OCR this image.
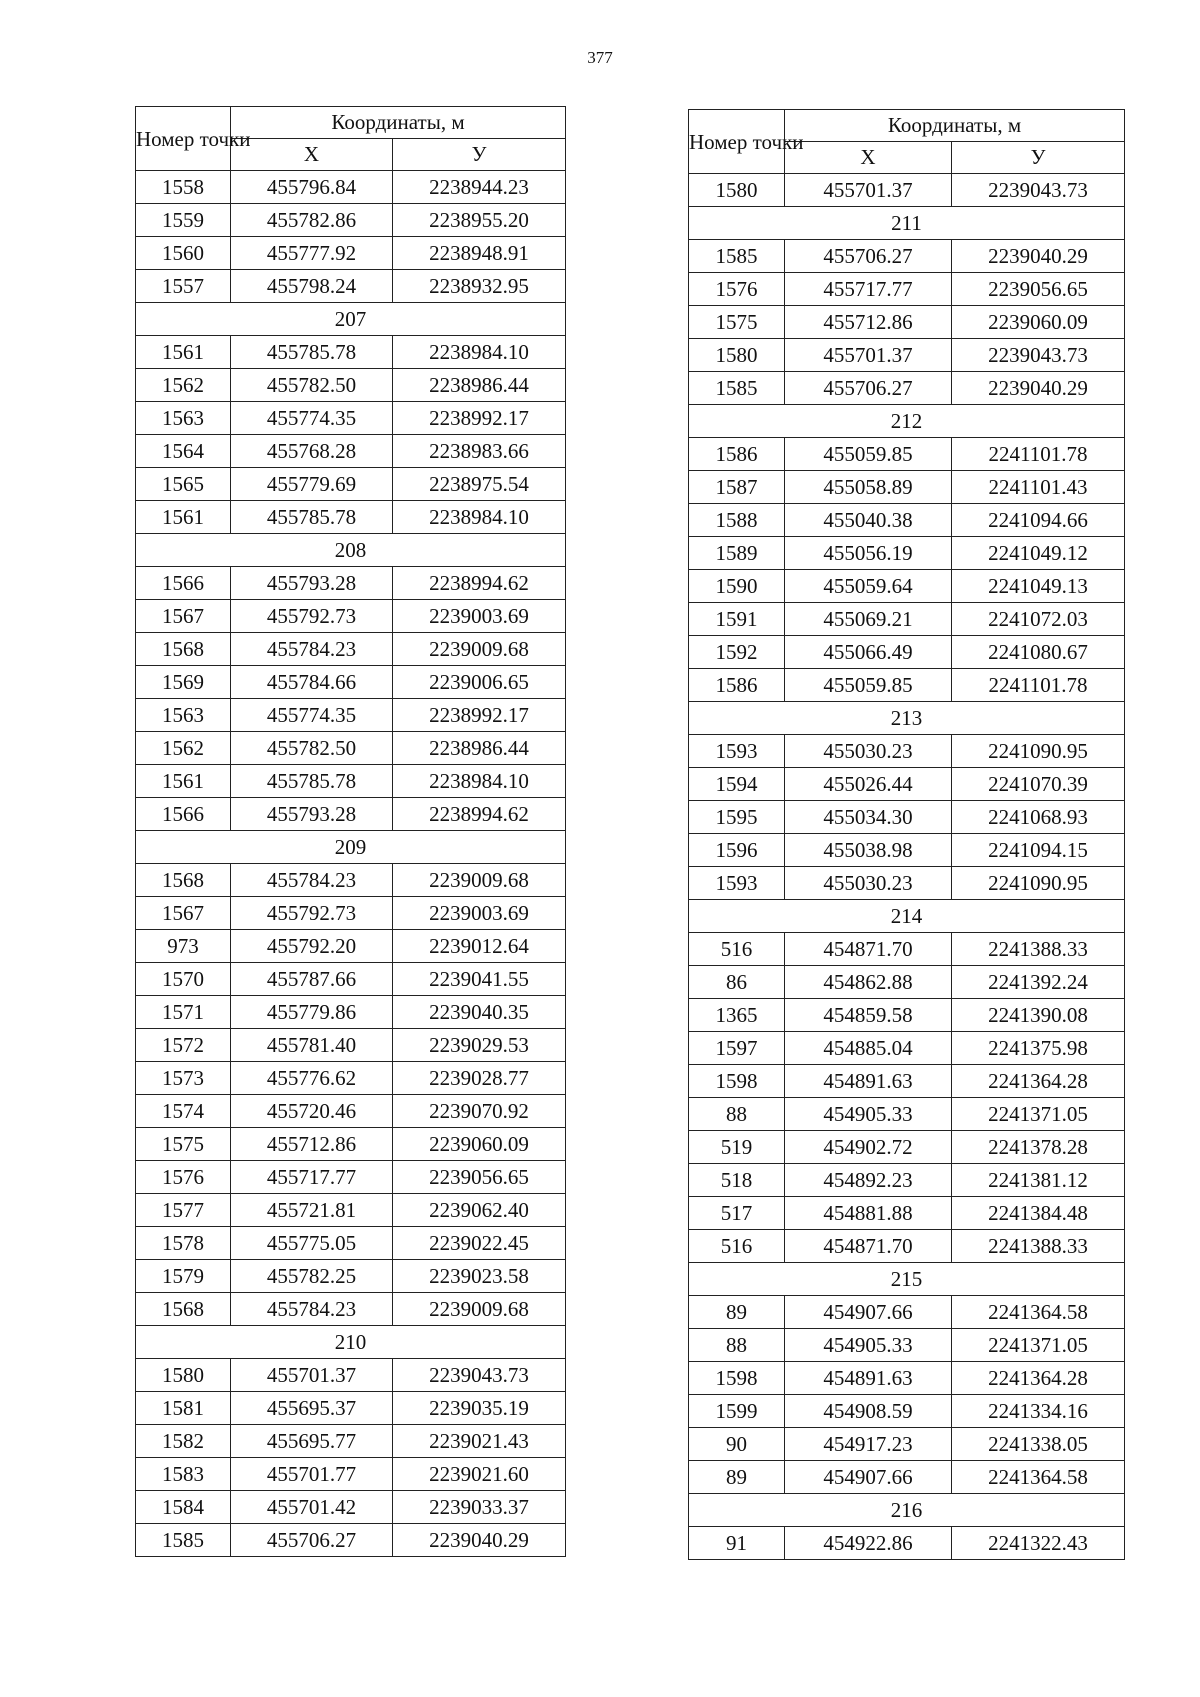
377
Номер точки	Координаты, м	
	Х	У
1558	455796.84	2238944.23
1559	455782.86	2238955.20
1560	455777.92	2238948.91
1557	455798.24	2238932.95
207		
1561	455785.78	2238984.10
1562	455782.50	2238986.44
1563	455774.35	2238992.17
1564	455768.28	2238983.66
1565	455779.69	2238975.54
1561	455785.78	2238984.10
208		
1566	455793.28	2238994.62
1567	455792.73	2239003.69
1568	455784.23	2239009.68
1569	455784.66	2239006.65
1563	455774.35	2238992.17
1562	455782.50	2238986.44
1561	455785.78	2238984.10
1566	455793.28	2238994.62
209		
1568	455784.23	2239009.68
1567	455792.73	2239003.69
973	455792.20	2239012.64
1570	455787.66	2239041.55
1571	455779.86	2239040.35
1572	455781.40	2239029.53
1573	455776.62	2239028.77
1574	455720.46	2239070.92
1575	455712.86	2239060.09
1576	455717.77	2239056.65
1577	455721.81	2239062.40
1578	455775.05	2239022.45
1579	455782.25	2239023.58
1568	455784.23	2239009.68
210		
1580	455701.37	2239043.73
1581	455695.37	2239035.19
1582	455695.77	2239021.43
1583	455701.77	2239021.60
1584	455701.42	2239033.37
1585	455706.27	2239040.29
Номер точки	Координаты, м	
	Х	У
1580	455701.37	2239043.73
211		
1585	455706.27	2239040.29
1576	455717.77	2239056.65
1575	455712.86	2239060.09
1580	455701.37	2239043.73
1585	455706.27	2239040.29
212		
1586	455059.85	2241101.78
1587	455058.89	2241101.43
1588	455040.38	2241094.66
1589	455056.19	2241049.12
1590	455059.64	2241049.13
1591	455069.21	2241072.03
1592	455066.49	2241080.67
1586	455059.85	2241101.78
213		
1593	455030.23	2241090.95
1594	455026.44	2241070.39
1595	455034.30	2241068.93
1596	455038.98	2241094.15
1593	455030.23	2241090.95
214		
516	454871.70	2241388.33
86	454862.88	2241392.24
1365	454859.58	2241390.08
1597	454885.04	2241375.98
1598	454891.63	2241364.28
88	454905.33	2241371.05
519	454902.72	2241378.28
518	454892.23	2241381.12
517	454881.88	2241384.48
516	454871.70	2241388.33
215		
89	454907.66	2241364.58
88	454905.33	2241371.05
1598	454891.63	2241364.28
1599	454908.59	2241334.16
90	454917.23	2241338.05
89	454907.66	2241364.58
216		
91	454922.86	2241322.43
